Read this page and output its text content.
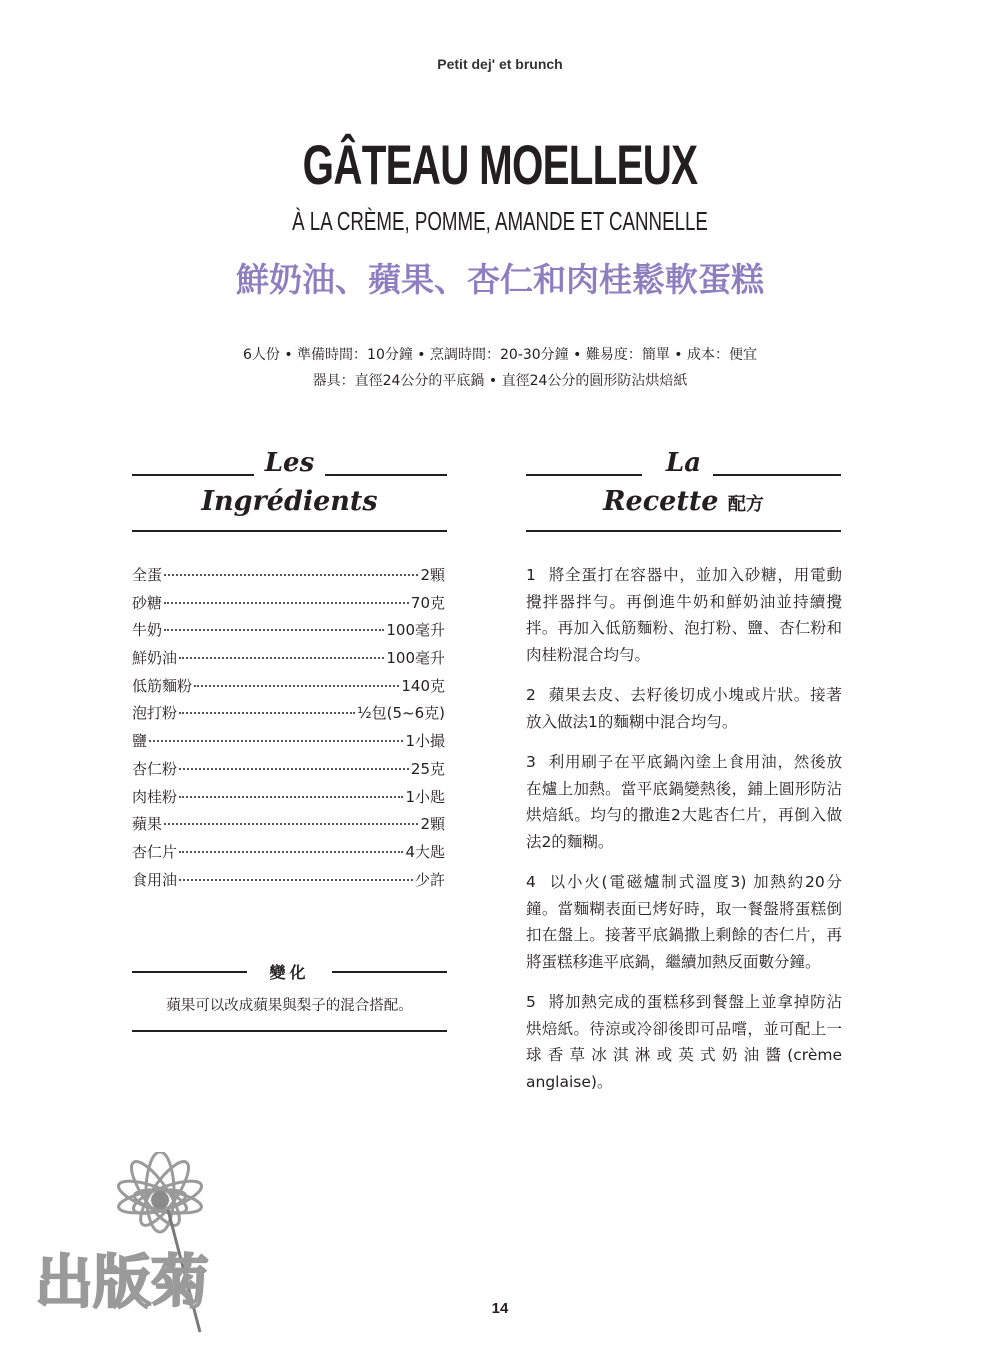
Petit dej' et brunch
GÂTEAU MOELLEUX
À LA CRÈME, POMME, AMANDE ET CANNELLE
鮮奶油、蘋果、杏仁和肉桂鬆軟蛋糕
6人份 • 準備時間：10分鐘 • 烹調時間：20-30分鐘 • 難易度：簡單 • 成本：便宜
器具：直徑24公分的平底鍋 • 直徑24公分的圓形防沾烘焙紙
Les
Ingrédients
全蛋	2顆
砂糖	70克
牛奶	100毫升
鮮奶油	100毫升
低筋麵粉	140克
泡打粉	½包(5~6克)
鹽	1小撮
杏仁粉	25克
肉桂粉	1小匙
蘋果	2顆
杏仁片	4大匙
食用油	少許
變化
蘋果可以改成蘋果與梨子的混合搭配。
La
Recette 配方
1 將全蛋打在容器中，並加入砂糖，用電動攪拌器拌勻。再倒進牛奶和鮮奶油並持續攪拌。再加入低筋麵粉、泡打粉、鹽、杏仁粉和肉桂粉混合均勻。
2 蘋果去皮、去籽後切成小塊或片狀。接著放入做法1的麵糊中混合均勻。
3 利用刷子在平底鍋內塗上食用油，然後放在爐上加熱。當平底鍋變熱後，鋪上圓形防沾烘焙紙。均勻的撒進2大匙杏仁片，再倒入做法2的麵糊。
4 以小火(電磁爐制式溫度3) 加熱約20分鐘。當麵糊表面已烤好時，取一餐盤將蛋糕倒扣在盤上。接著平底鍋撒上剩餘的杏仁片，再將蛋糕移進平底鍋，繼續加熱反面數分鐘。
5 將加熱完成的蛋糕移到餐盤上並拿掉防沾烘焙紙。待涼或冷卻後即可品嚐，並可配上一球香草冰淇淋或英式奶油醬(crème anglaise)。
出版菊	14
